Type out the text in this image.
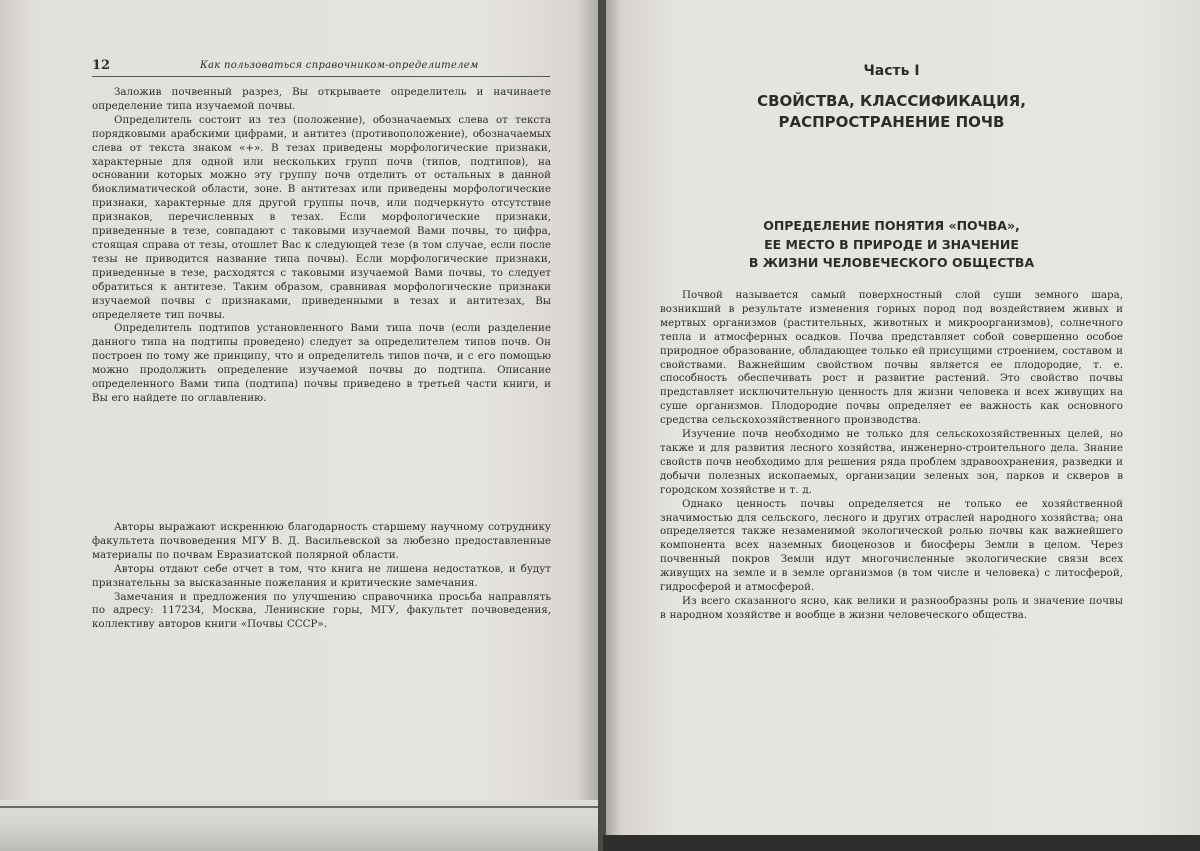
12	Как пользоваться справочником-определителем

Заложив почвенный разрез, Вы открываете определитель и начинаете определение типа изучаемой почвы.

Определитель состоит из тез (положение), обозначаемых слева от текста порядковыми арабскими цифрами, и антитез (противоположение), обозначаемых слева от текста знаком «+». В тезах приведены морфологические признаки, характерные для одной или нескольких групп почв (типов, подтипов), на основании которых можно эту группу почв отделить от остальных в данной биоклиматической области, зоне. В антитезах или приведены морфологические признаки, характерные для другой группы почв, или подчеркнуто отсутствие признаков, перечисленных в тезах. Если морфологические признаки, приведенные в тезе, совпадают с таковыми изучаемой Вами почвы, то цифра, стоящая справа от тезы, отошлет Вас к следующей тезе (в том случае, если после тезы не приводится название типа почвы). Если морфологические признаки, приведенные в тезе, расходятся с таковыми изучаемой Вами почвы, то следует обратиться к антитезе. Таким образом, сравнивая морфологические признаки изучаемой почвы с признаками, приведенными в тезах и антитезах, Вы определяете тип почвы.

Определитель подтипов установленного Вами типа почв (если разделение данного типа на подтипы проведено) следует за определителем типов почв. Он построен по тому же принципу, что и определитель типов почв, и с его помощью можно продолжить определение изучаемой почвы до подтипа. Описание определенного Вами типа (подтипа) почвы приведено в третьей части книги, и Вы его найдете по оглавлению.

Авторы выражают искреннюю благодарность старшему научному сотруднику факультета почвоведения МГУ В. Д. Васильевской за любезно предоставленные материалы по почвам Евразиатской полярной области.

Авторы отдают себе отчет в том, что книга не лишена недостатков, и будут признательны за высказанные пожелания и критические замечания.

Замечания и предложения по улучшению справочника просьба направлять по адресу: 117234, Москва, Ленинские горы, МГУ, факультет почвоведения, коллективу авторов книги «Почвы СССР».

Часть I
СВОЙСТВА, КЛАССИФИКАЦИЯ,
РАСПРОСТРАНЕНИЕ ПОЧВ
ОПРЕДЕЛЕНИЕ ПОНЯТИЯ «ПОЧВА»,
ЕЕ МЕСТО В ПРИРОДЕ И ЗНАЧЕНИЕ
В ЖИЗНИ ЧЕЛОВЕЧЕСКОГО ОБЩЕСТВА

Почвой называется самый поверхностный слой суши земного шара, возникший в результате изменения горных пород под воздействием живых и мертвых организмов (растительных, животных и микроорганизмов), солнечного тепла и атмосферных осадков. Почва представляет собой совершенно особое природное образование, обладающее только ей присущими строением, составом и свойствами. Важнейшим свойством почвы является ее плодородие, т. е. способность обеспечивать рост и развитие растений. Это свойство почвы представляет исключительную ценность для жизни человека и всех живущих на суше организмов. Плодородие почвы определяет ее важность как основного средства сельскохозяйственного производства.

Изучение почв необходимо не только для сельскохозяйственных целей, но также и для развития лесного хозяйства, инженерно-строительного дела. Знание свойств почв необходимо для решения ряда проблем здравоохранения, разведки и добычи полезных ископаемых, организации зеленых зон, парков и скверов в городском хозяйстве и т. д.

Однако ценность почвы определяется не только ее хозяйственной значимостью для сельского, лесного и других отраслей народного хозяйства; она определяется также незаменимой экологической ролью почвы как важнейшего компонента всех наземных биоценозов и биосферы Земли в целом. Через почвенный покров Земли идут многочисленные экологические связи всех живущих на земле и в земле организмов (в том числе и человека) с литосферой, гидросферой и атмосферой.

Из всего сказанного ясно, как велики и разнообразны роль и значение почвы в народном хозяйстве и вообще в жизни человеческого общества.
